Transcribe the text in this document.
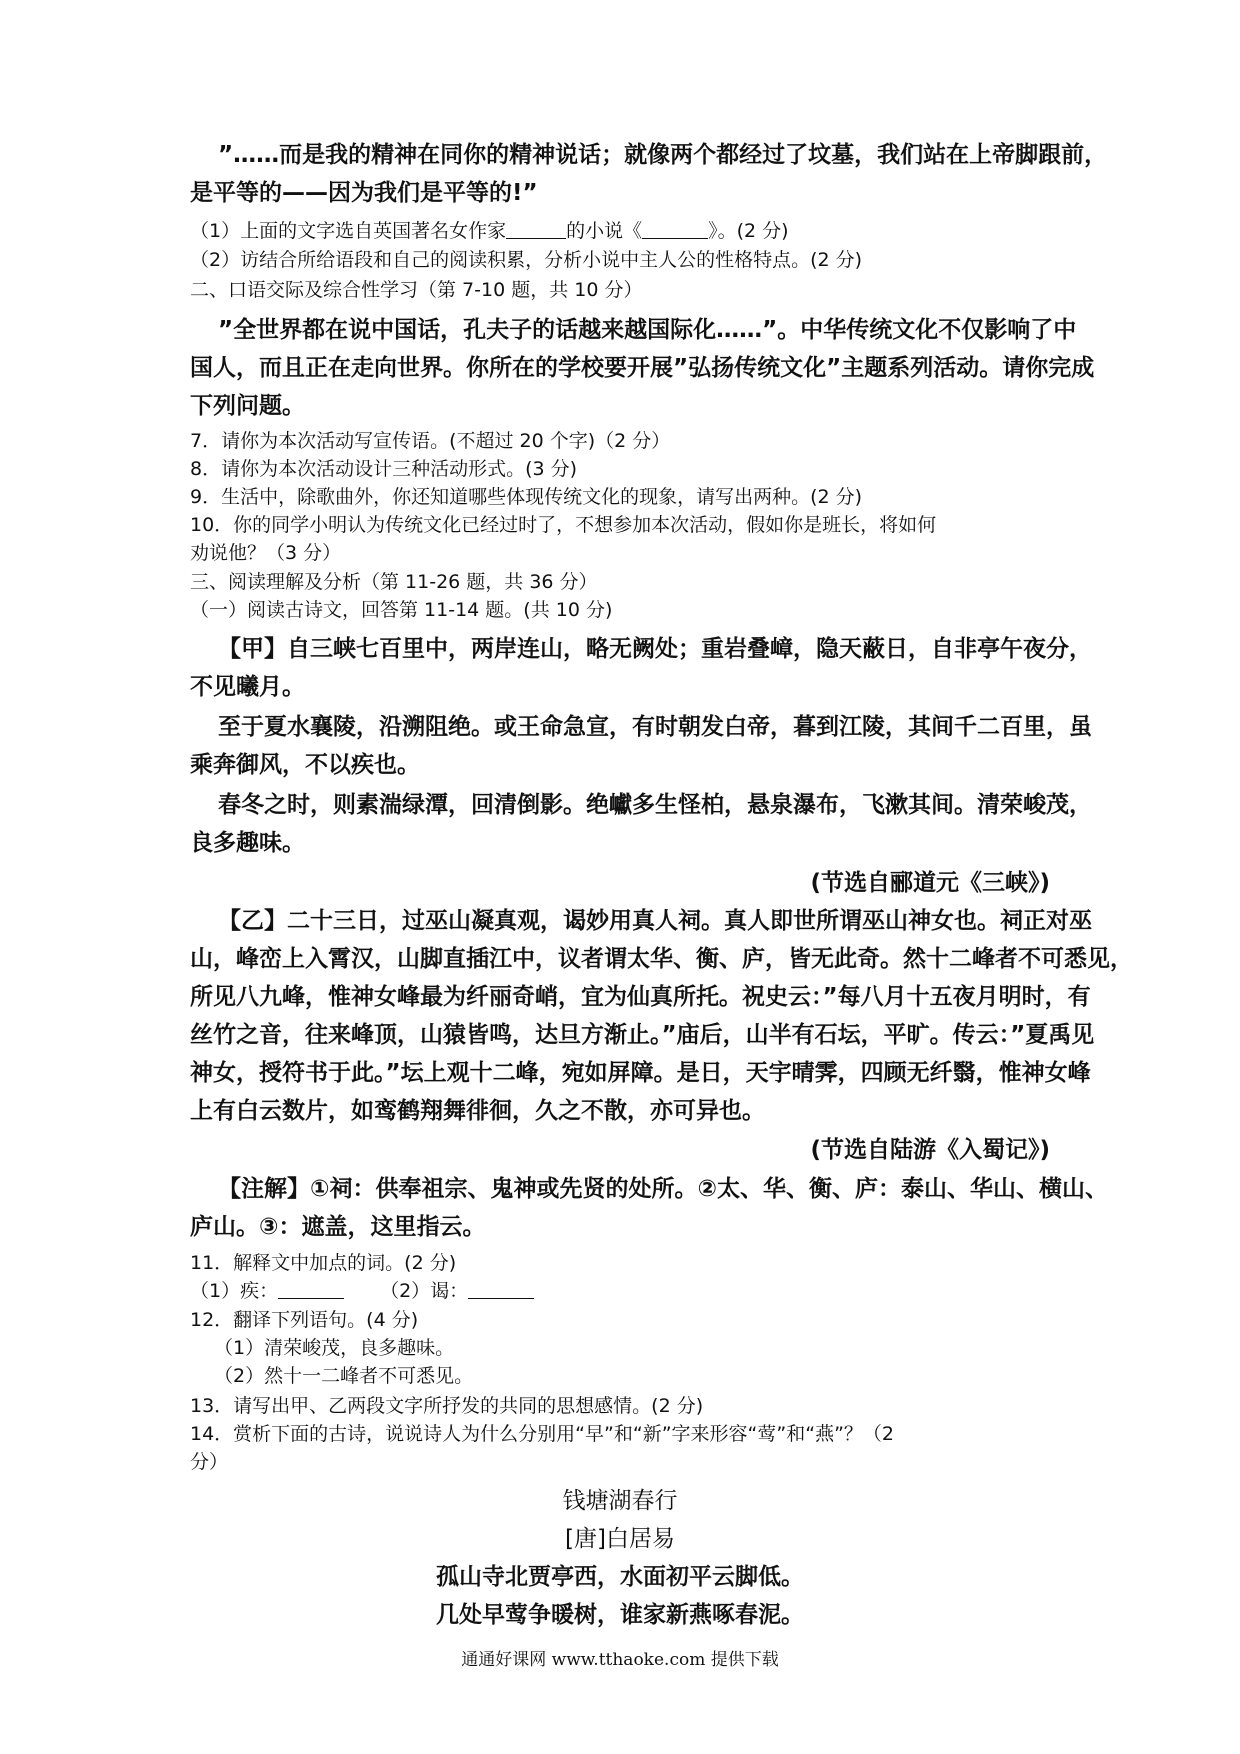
”……而是我的精神在同你的精神说话；就像两个都经过了坟墓，我们站在上帝脚跟前，
是平等的——因为我们是平等的!”
（1）上面的文字选自英国著名女作家	的小说《	》。(2 分)
（2）访结合所给语段和自己的阅读积累，分析小说中主人公的性格特点。(2 分)
二、口语交际及综合性学习（第 7-10 题，共 10 分）
”全世界都在说中国话，孔夫子的话越来越国际化……”。中华传统文化不仅影响了中
国人，而且正在走向世界。你所在的学校要开展”弘扬传统文化”主题系列活动。请你完成
下列问题。
7．请你为本次活动写宣传语。(不超过 20 个字)（2 分）
8．请你为本次活动设计三种活动形式。(3 分)
9．生活中，除歌曲外，你还知道哪些体现传统文化的现象，请写出两种。(2 分)
10．你的同学小明认为传统文化已经过时了，不想参加本次活动，假如你是班长，将如何
劝说他？（3 分）
三、阅读理解及分析（第 11-26 题，共 36 分）
（一）阅读古诗文，回答第 11-14 题。(共 10 分)
【甲】自三峡七百里中，两岸连山，略无阙处；重岩叠嶂，隐天蔽日，自非亭午夜分，
不见曦月。
至于夏水襄陵，沿溯阻绝。或王命急宣，有时朝发白帝，暮到江陵，其间千二百里，虽
乘奔御风，不以疾也。
春冬之时，则素湍绿潭，回清倒影。绝巘多生怪柏，悬泉瀑布，飞漱其间。清荣峻茂，
良多趣味。
(节选自郦道元《三峡》)
【乙】二十三日，过巫山凝真观，谒妙用真人祠。真人即世所谓巫山神女也。祠正对巫
山，峰峦上入霄汉，山脚直插江中，议者谓太华、衡、庐，皆无此奇。然十二峰者不可悉见，
所见八九峰，惟神女峰最为纤丽奇峭，宜为仙真所托。祝史云：”每八月十五夜月明时，有
丝竹之音，往来峰顶，山猿皆鸣，达旦方渐止。”庙后，山半有石坛，平旷。传云：”夏禹见
神女，授符书于此。”坛上观十二峰，宛如屏障。是日，天宇晴霁，四顾无纤翳，惟神女峰
上有白云数片，如鸾鹤翔舞徘徊，久之不散，亦可异也。
(节选自陆游《入蜀记》)
【注解】①祠：供奉祖宗、鬼神或先贤的处所。②太、华、衡、庐：泰山、华山、横山、
庐山。③：遮盖，这里指云。
11．解释文中加点的词。(2 分)
（1）疾：	（2）谒：
12．翻译下列语句。(4 分)
（1）清荣峻茂，良多趣味。
（2）然十一二峰者不可悉见。
13．请写出甲、乙两段文字所抒发的共同的思想感情。(2 分)
14．赏析下面的古诗，说说诗人为什么分别用“早”和“新”字来形容“莺”和“燕”？（2
分）
钱塘湖春行
[唐]白居易
孤山寺北贾亭西，水面初平云脚低。
几处早莺争暖树，谁家新燕啄春泥。
通通好课网 www.tthaoke.com 提供下载
